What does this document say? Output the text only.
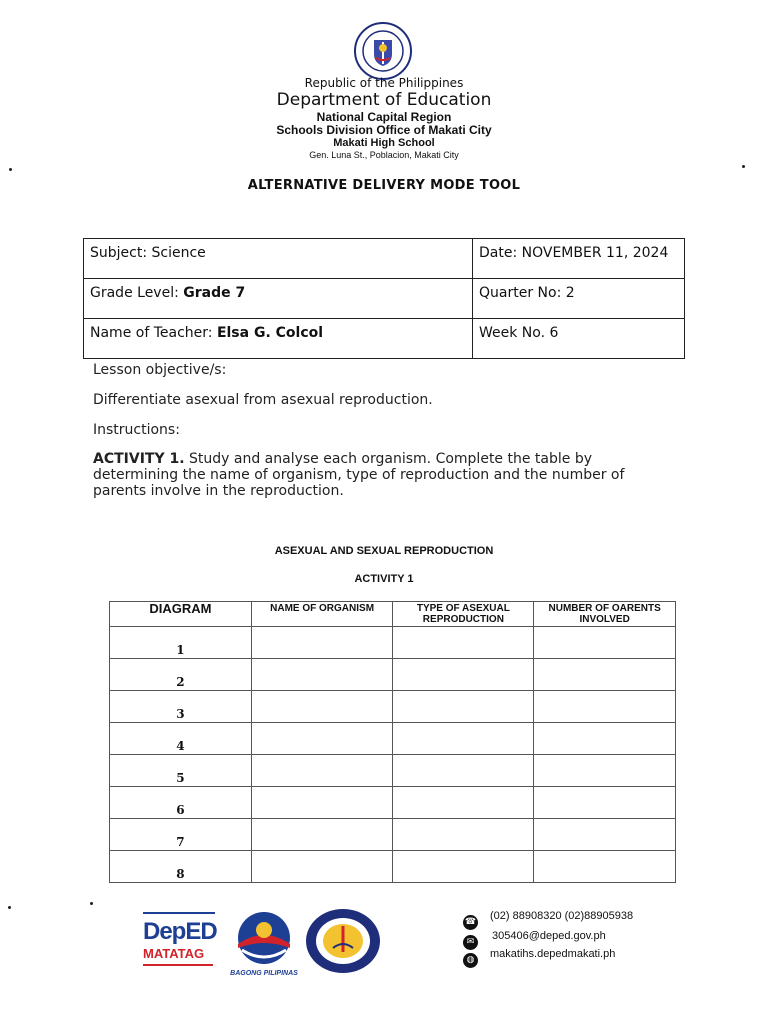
Republic of the Philippines
Department of Education
National Capital Region
Schools Division Office of Makati City
Makati High School
Gen. Luna St., Poblacion, Makati City
ALTERNATIVE DELIVERY MODE TOOL
Subject: Science	Date: NOVEMBER 11, 2024
Grade Level: Grade 7	Quarter No: 2
Name of Teacher: Elsa G. Colcol	Week No. 6
Lesson objective/s:
Differentiate asexual from asexual reproduction.
Instructions:
ACTIVITY 1. Study and analyse each organism. Complete the table by determining the name of organism, type of reproduction and the number of parents involve in the reproduction.
ASEXUAL AND SEXUAL REPRODUCTION
ACTIVITY 1
DIAGRAM	NAME OF ORGANISM	TYPE OF ASEXUAL REPRODUCTION	NUMBER OF OARENTS INVOLVED
1			
2			
3			
4			
5			
6			
7			
8			
DepED
MATATAG
BAGONG PILIPINAS
☎ (02) 88908320 (02)88905938
✉	305406@deped.gov.ph
◍	makatihs.depedmakati.ph
